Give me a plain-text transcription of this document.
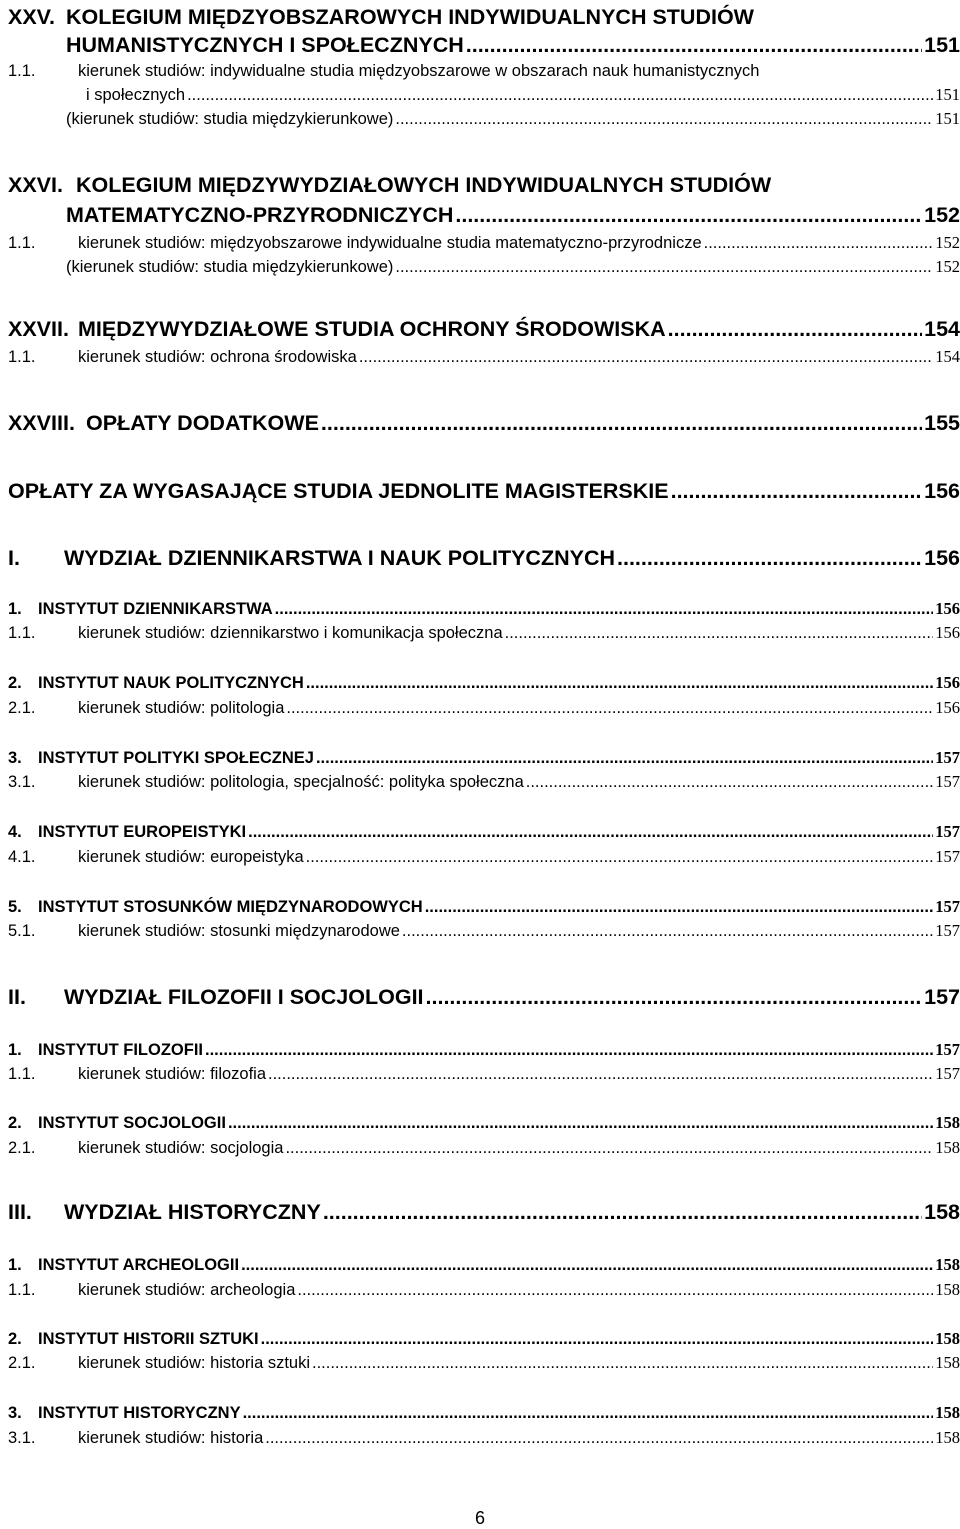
XXV. KOLEGIUM MIĘDZYOBSZAROWYCH INDYWIDUALNYCH STUDIÓW
HUMANISTYCZNYCH I SPOŁECZNYCH .....	151
1.1.	kierunek studiów: indywidualne studia międzyobszarowe w obszarach nauk humanistycznych
i społecznych .....	151
(kierunek studiów: studia międzykierunkowe) .....	151
XXVI. KOLEGIUM MIĘDZYWYDZIAŁOWYCH INDYWIDUALNYCH STUDIÓW
MATEMATYCZNO-PRZYRODNICZYCH .....	152
1.1.	kierunek studiów: międzyobszarowe indywidualne studia matematyczno-przyrodnicze .....	152
(kierunek studiów: studia międzykierunkowe) .....	152
XXVII. MIĘDZYWYDZIAŁOWE STUDIA OCHRONY ŚRODOWISKA .....	154
1.1.	kierunek studiów: ochrona środowiska .....	154
XXVIII. OPŁATY DODATKOWE .....	155
OPŁATY ZA WYGASAJĄCE STUDIA JEDNOLITE MAGISTERSKIE .....	156
I. WYDZIAŁ DZIENNIKARSTWA I NAUK POLITYCZNYCH .....	156
1. INSTYTUT DZIENNIKARSTWA .....	156
1.1.	kierunek studiów: dziennikarstwo i komunikacja społeczna .....	156
2. INSTYTUT NAUK POLITYCZNYCH .....	156
2.1.	kierunek studiów: politologia .....	156
3. INSTYTUT POLITYKI SPOŁECZNEJ .....	157
3.1.	kierunek studiów: politologia, specjalność: polityka społeczna .....	157
4. INSTYTUT EUROPEISTYKI .....	157
4.1.	kierunek studiów: europeistyka .....	157
5. INSTYTUT STOSUNKÓW MIĘDZYNARODOWYCH .....	157
5.1.	kierunek studiów: stosunki międzynarodowe .....	157
II. WYDZIAŁ FILOZOFII I SOCJOLOGII .....	157
1. INSTYTUT FILOZOFII .....	157
1.1.	kierunek studiów: filozofia .....	157
2. INSTYTUT SOCJOLOGII .....	158
2.1.	kierunek studiów: socjologia .....	158
III. WYDZIAŁ HISTORYCZNY .....	158
1. INSTYTUT ARCHEOLOGII .....	158
1.1.	kierunek studiów: archeologia .....	158
2. INSTYTUT HISTORII SZTUKI .....	158
2.1.	kierunek studiów: historia sztuki .....	158
3. INSTYTUT HISTORYCZNY .....	158
3.1.	kierunek studiów: historia .....	158
6
